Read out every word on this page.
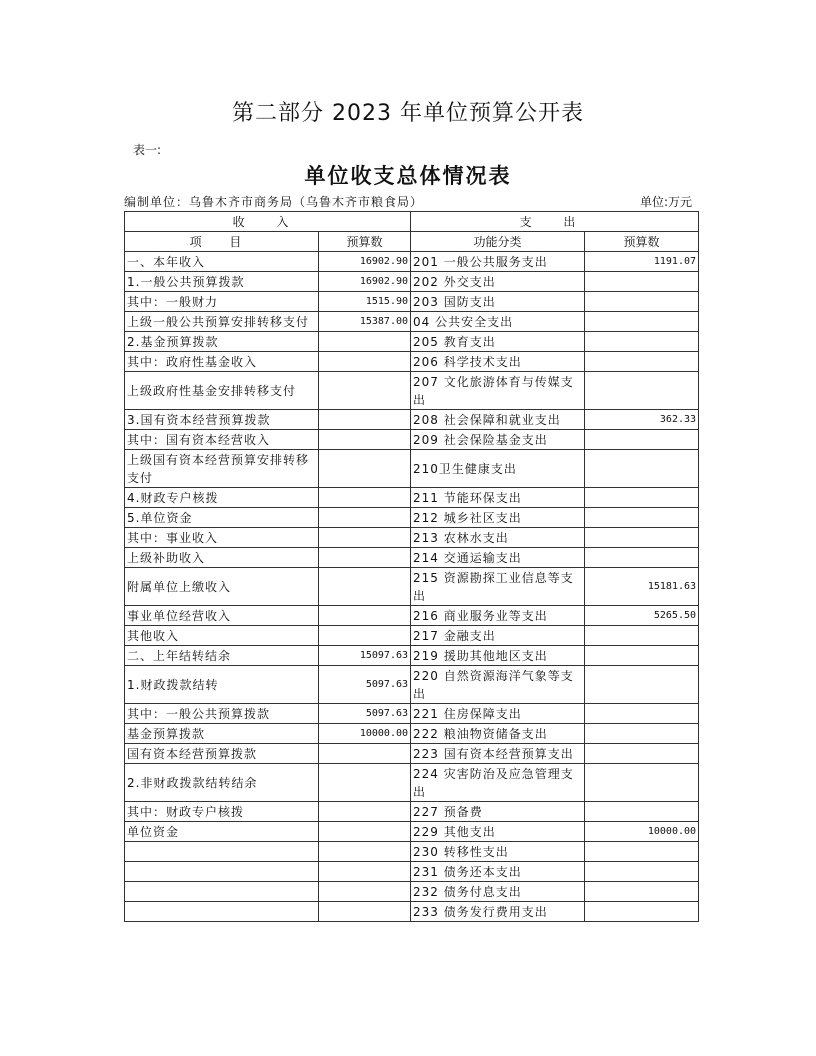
第二部分 2023 年单位预算公开表
表一:
单位收支总体情况表
编制单位：乌鲁木齐市商务局（乌鲁木齐市粮食局）	单位:万元
收 入		支 出	
项 目	预算数	功能分类	预算数
一、本年收入	16902.90	201 一般公共服务支出	1191.07
1.一般公共预算拨款	16902.90	202 外交支出	
其中：一般财力	1515.90	203 国防支出	
上级一般公共预算安排转移支付	15387.00	04 公共安全支出	
2.基金预算拨款		205 教育支出	
其中：政府性基金收入		206 科学技术支出	
上级政府性基金安排转移支付		207 文化旅游体育与传媒支出	
3.国有资本经营预算拨款		208 社会保障和就业支出	362.33
其中：国有资本经营收入		209 社会保险基金支出	
上级国有资本经营预算安排转移支付		210卫生健康支出	
4.财政专户核拨		211 节能环保支出	
5.单位资金		212 城乡社区支出	
其中：事业收入		213 农林水支出	
上级补助收入		214 交通运输支出	
附属单位上缴收入		215 资源勘探工业信息等支出	15181.63
事业单位经营收入		216 商业服务业等支出	5265.50
其他收入		217 金融支出	
二、上年结转结余	15097.63	219 援助其他地区支出	
1.财政拨款结转	5097.63	220 自然资源海洋气象等支出	
其中：一般公共预算拨款	5097.63	221 住房保障支出	
基金预算拨款	10000.00	222 粮油物资储备支出	
国有资本经营预算拨款		223 国有资本经营预算支出	
2.非财政拨款结转结余		224 灾害防治及应急管理支出	
其中：财政专户核拨		227 预备费	
单位资金		229 其他支出	10000.00
		230 转移性支出	
		231 债务还本支出	
		232 债务付息支出	
		233 债务发行费用支出	
